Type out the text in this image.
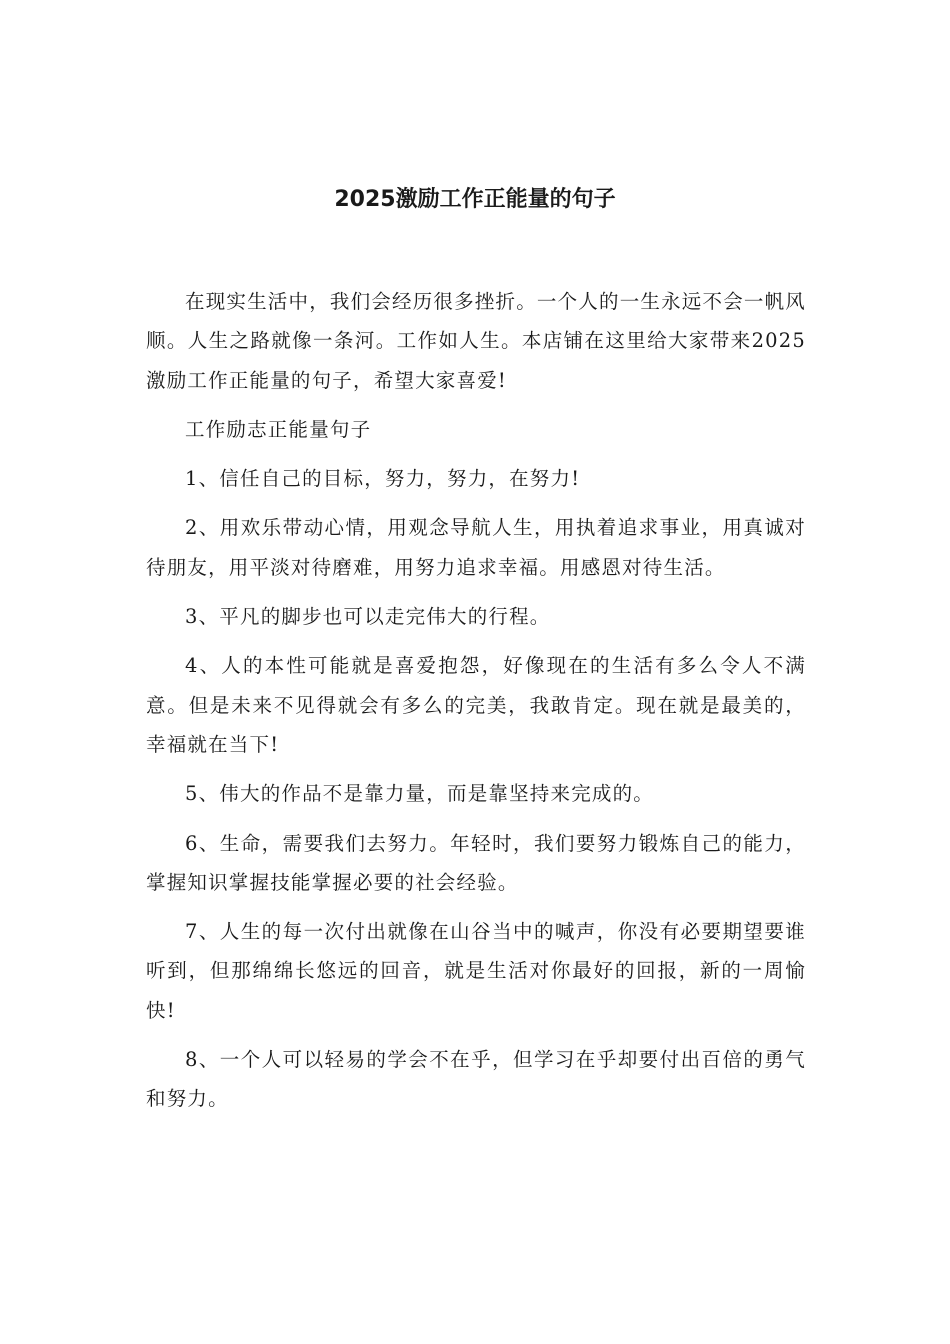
2025激励工作正能量的句子

在现实生活中，我们会经历很多挫折。一个人的一生永远不会一帆风顺。人生之路就像一条河。工作如人生。本店铺在这里给大家带来2025激励工作正能量的句子，希望大家喜爱!

工作励志正能量句子

1、信任自己的目标，努力，努力，在努力!

2、用欢乐带动心情，用观念导航人生，用执着追求事业，用真诚对待朋友，用平淡对待磨难，用努力追求幸福。用感恩对待生活。

3、平凡的脚步也可以走完伟大的行程。

4、人的本性可能就是喜爱抱怨，好像现在的生活有多么令人不满意。但是未来不见得就会有多么的完美，我敢肯定。现在就是最美的，幸福就在当下!

5、伟大的作品不是靠力量，而是靠坚持来完成的。

6、生命，需要我们去努力。年轻时，我们要努力锻炼自己的能力，掌握知识掌握技能掌握必要的社会经验。

7、人生的每一次付出就像在山谷当中的喊声，你没有必要期望要谁听到，但那绵绵长悠远的回音，就是生活对你最好的回报，新的一周愉快!

8、一个人可以轻易的学会不在乎，但学习在乎却要付出百倍的勇气和努力。
